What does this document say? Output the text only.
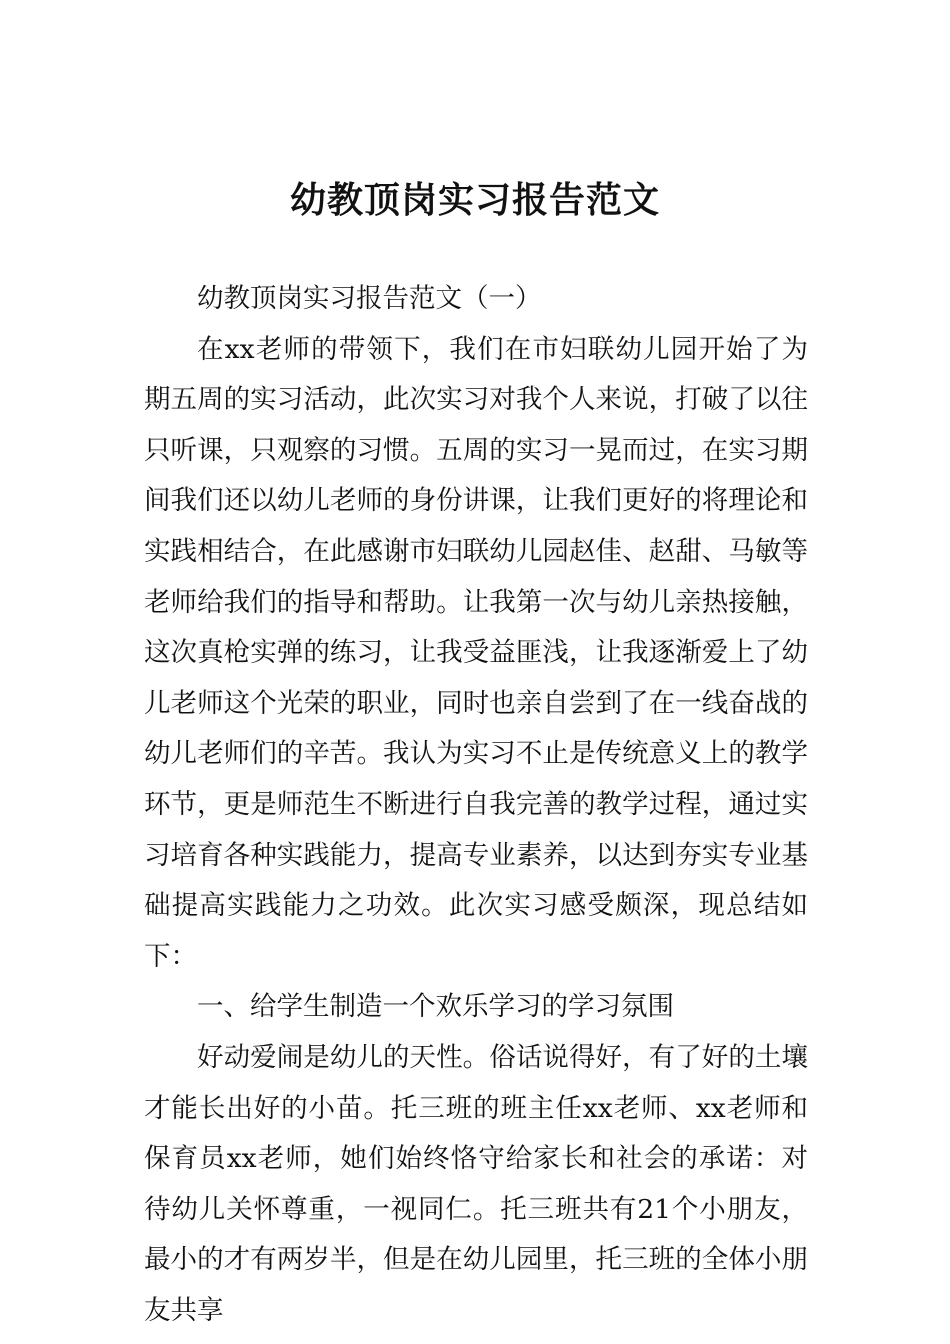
幼教顶岗实习报告范文

幼教顶岗实习报告范文（一）

在xx老师的带领下，我们在市妇联幼儿园开始了为期五周的实习活动，此次实习对我个人来说，打破了以往只听课，只观察的习惯。五周的实习一晃而过，在实习期间我们还以幼儿老师的身份讲课，让我们更好的将理论和实践相结合，在此感谢市妇联幼儿园赵佳、赵甜、马敏等老师给我们的指导和帮助。让我第一次与幼儿亲热接触，这次真枪实弹的练习，让我受益匪浅，让我逐渐爱上了幼儿老师这个光荣的职业，同时也亲自尝到了在一线奋战的幼儿老师们的辛苦。我认为实习不止是传统意义上的教学环节，更是师范生不断进行自我完善的教学过程，通过实习培育各种实践能力，提高专业素养，以达到夯实专业基础提高实践能力之功效。此次实习感受颇深，现总结如下：

一、给学生制造一个欢乐学习的学习氛围

好动爱闹是幼儿的天性。俗话说得好，有了好的土壤才能长出好的小苗。托三班的班主任xx老师、xx老师和保育员xx老师，她们始终恪守给家长和社会的承诺：对待幼儿关怀尊重，一视同仁。托三班共有21个小朋友，最小的才有两岁半，但是在幼儿园里，托三班的全体小朋友共享
